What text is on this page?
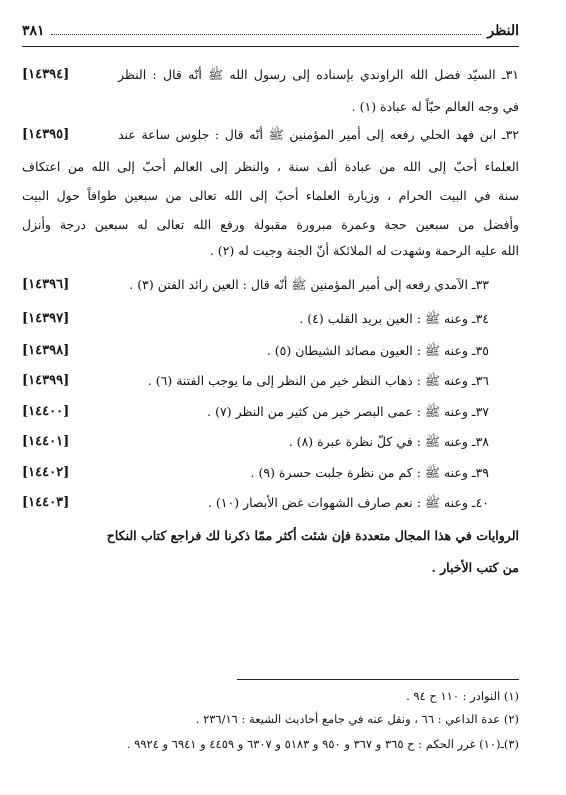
النظر
٣٨١
[١٤٣٩٤]	٣١ـ السيّد فضل الله الراوندي بإسناده إلى رسول الله ﷺ أنّه قال : النظر
في وجه العالم حبّاً له عبادة (١) .
[١٤٣٩٥]	٣٢ـ ابن فهد الحلي رفعه إلى أمير المؤمنين ﷺ أنّه قال : جلوس ساعة عند
العلماء أحبّ إلى الله من عبادة ألف سنة ، والنظر إلى العالم أحبّ إلى الله من اعتكاف
سنة في البيت الحرام ، وزيارة العلماء أحبّ إلى الله تعالى من سبعين طوافاً حول البيت
وأفضل من سبعين حجة وعمرة مبرورة مقبولة ورفع الله تعالى له سبعين درجة وأنزل
الله عليه الرحمة وشهدت له الملائكة أنّ الجنة وجبت له (٢) .
[١٤٣٩٦]	٣٣ـ الآمدي رفعه إلى أمير المؤمنين ﷺ أنّه قال : العين رائد الفتن (٣) .
[١٤٣٩٧]	٣٤ـ وعنه ﷺ : العين بريد القلب (٤) .
[١٤٣٩٨]	٣٥ـ وعنه ﷺ : العيون مصائد الشيطان (٥) .
[١٤٣٩٩]	٣٦ـ وعنه ﷺ : ذهاب النظر خير من النظر إلى ما يوجب الفتنة (٦) .
[١٤٤٠٠]	٣٧ـ وعنه ﷺ : عمى البصر خير من كثير من النظر (٧) .
[١٤٤٠١]	٣٨ـ وعنه ﷺ : في كلّ نظرة عبرة (٨) .
[١٤٤٠٢]	٣٩ـ وعنه ﷺ : كم من نظرة جلبت حسرة (٩) .
[١٤٤٠٣]	٤٠ـ وعنه ﷺ : نعم صارف الشهوات غض الأبصار (١٠) .
الروايات في هذا المجال متعددة فإن شئت أكثر ممّا ذكرنا لك فراجع كتاب النكاح
من كتب الأخبار .
(١) النوادر : ١١٠ ح ٩٤ .
(٢) عدة الداعي : ٦٦ ، ونقل عنه في جامع أحاديث الشيعة : ٢٣٦/١٦ .
(٣)ـ(١٠) غرر الحكم : ح ٣٦٥ و ٣٦٧ و ٩٥٠ و ٥١٨٣ و ٦٣٠٧ و ٤٤٥٩ و ٦٩٤١ و ٩٩٢٤ .
